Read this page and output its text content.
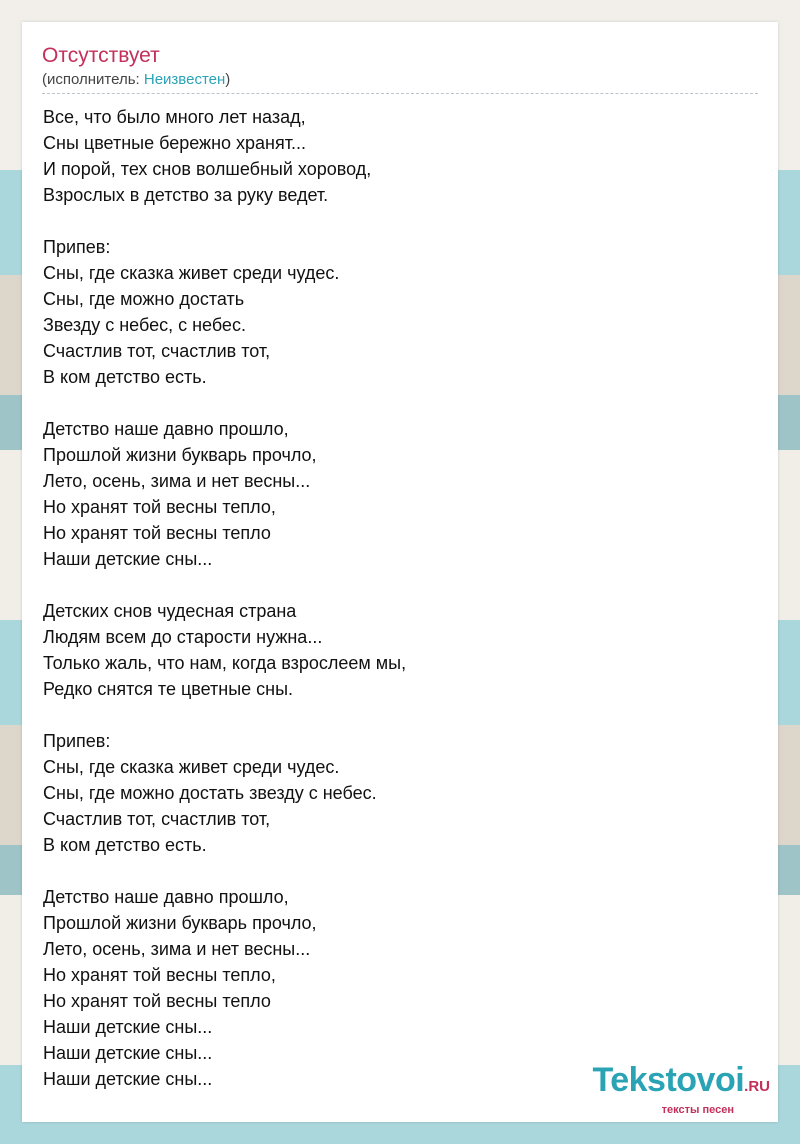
Отсутствует
(исполнитель: Неизвестен)
Все, что было много лет назад,
Сны цветные бережно хранят...
И порой, тех снов волшебный хоровод,
Взрослых в детство за руку ведет.
Припев:
Сны, где сказка живет среди чудес.
Сны, где можно достать
Звезду с небес, с небес.
Счастлив тот, счастлив тот,
В ком детство есть.
Детство наше давно прошло,
Прошлой жизни букварь прочло,
Лето, осень, зима и нет весны...
Но хранят той весны тепло,
Но хранят той весны тепло
Наши детские сны...
Детских снов чудесная страна
Людям всем до старости нужна...
Только жаль, что нам, когда взрослеем мы,
Редко снятся те цветные сны.
Припев:
Сны, где сказка живет среди чудес.
Сны, где можно достать звезду с небес.
Счастлив тот, счастлив тот,
В ком детство есть.
Детство наше давно прошло,
Прошлой жизни букварь прочло,
Лето, осень, зима и нет весны...
Но хранят той весны тепло,
Но хранят той весны тепло
Наши детские сны...
Наши детские сны...
Наши детские сны...	Tekstovoi.RU
тексты песен
